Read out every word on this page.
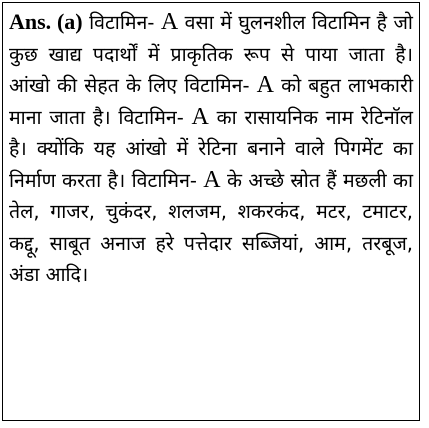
Ans. (a) विटामिन- A वसा में घुलनशील विटामिन है जो कुछ खाद्य पदार्थों में प्राकृतिक रूप से पाया जाता है। आंखो की सेहत के लिए विटामिन- A को बहुत लाभकारी माना जाता है। विटामिन- A का रासायनिक नाम रेटिनॉल है। क्योंकि यह आंखो में रेटिना बनाने वाले पिगमेंट का निर्माण करता है। विटामिन- A के अच्छे स्रोत हैं मछली का तेल, गाजर, चुकंदर, शलजम, शकरकंद, मटर, टमाटर, कद्दू, साबूत अनाज हरे पत्तेदार सब्जियां, आम, तरबूज, अंडा आदि।
